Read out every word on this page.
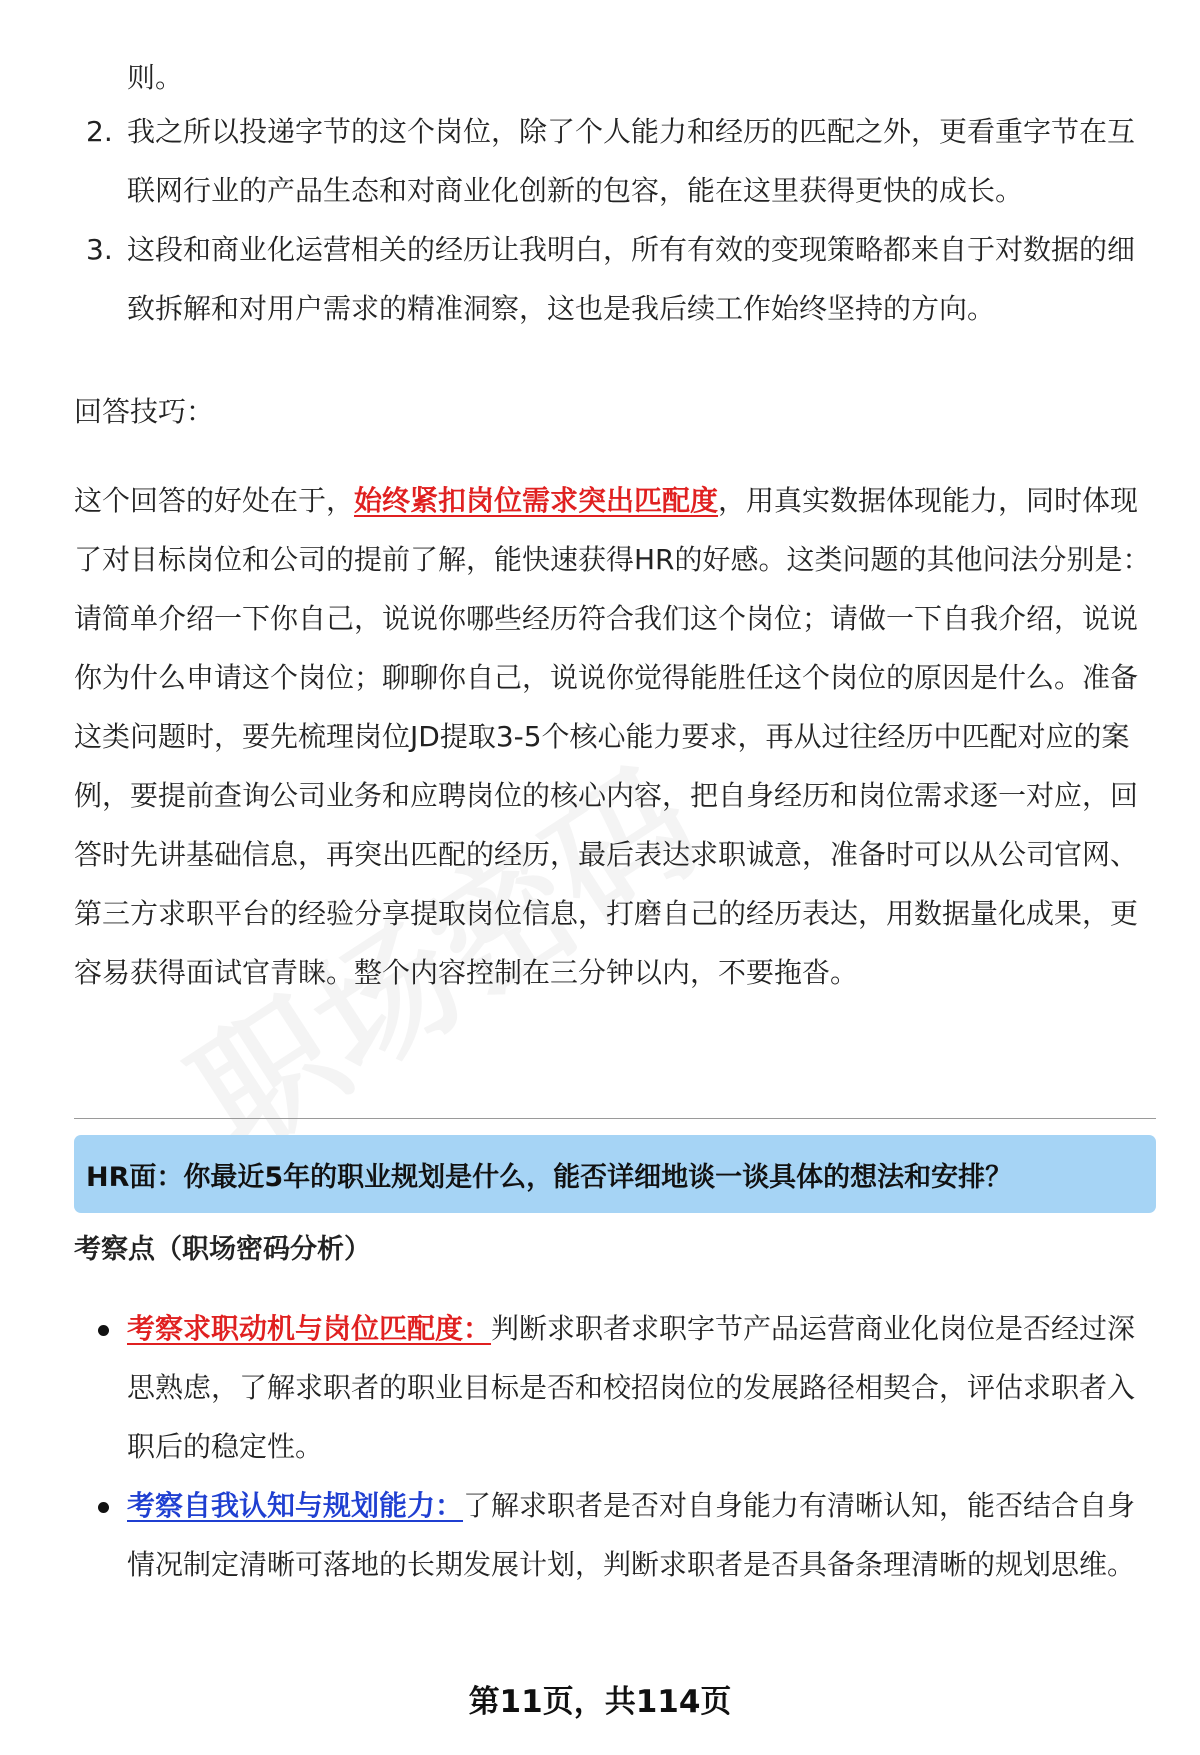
则。

2. 我之所以投递字节的这个岗位，除了个人能力和经历的匹配之外，更看重字节在互联网行业的产品生态和对商业化创新的包容，能在这里获得更快的成长。

3. 这段和商业化运营相关的经历让我明白，所有有效的变现策略都来自于对数据的细致拆解和对用户需求的精准洞察，这也是我后续工作始终坚持的方向。

回答技巧：

这个回答的好处在于，始终紧扣岗位需求突出匹配度，用真实数据体现能力，同时体现了对目标岗位和公司的提前了解，能快速获得HR的好感。这类问题的其他问法分别是：请简单介绍一下你自己，说说你哪些经历符合我们这个岗位；请做一下自我介绍，说说你为什么申请这个岗位；聊聊你自己，说说你觉得能胜任这个岗位的原因是什么。准备这类问题时，要先梳理岗位JD提取3-5个核心能力要求，再从过往经历中匹配对应的案例，要提前查询公司业务和应聘岗位的核心内容，把自身经历和岗位需求逐一对应，回答时先讲基础信息，再突出匹配的经历，最后表达求职诚意，准备时可以从公司官网、第三方求职平台的经验分享提取岗位信息，打磨自己的经历表达，用数据量化成果，更容易获得面试官青睐。整个内容控制在三分钟以内，不要拖沓。

HR面：你最近5年的职业规划是什么，能否详细地谈一谈具体的想法和安排？

考察点（职场密码分析）

考察求职动机与岗位匹配度：判断求职者求职字节产品运营商业化岗位是否经过深思熟虑，了解求职者的职业目标是否和校招岗位的发展路径相契合，评估求职者入职后的稳定性。

考察自我认知与规划能力：了解求职者是否对自身能力有清晰认知，能否结合自身情况制定清晰可落地的长期发展计划，判断求职者是否具备条理清晰的规划思维。

第11页，共114页
